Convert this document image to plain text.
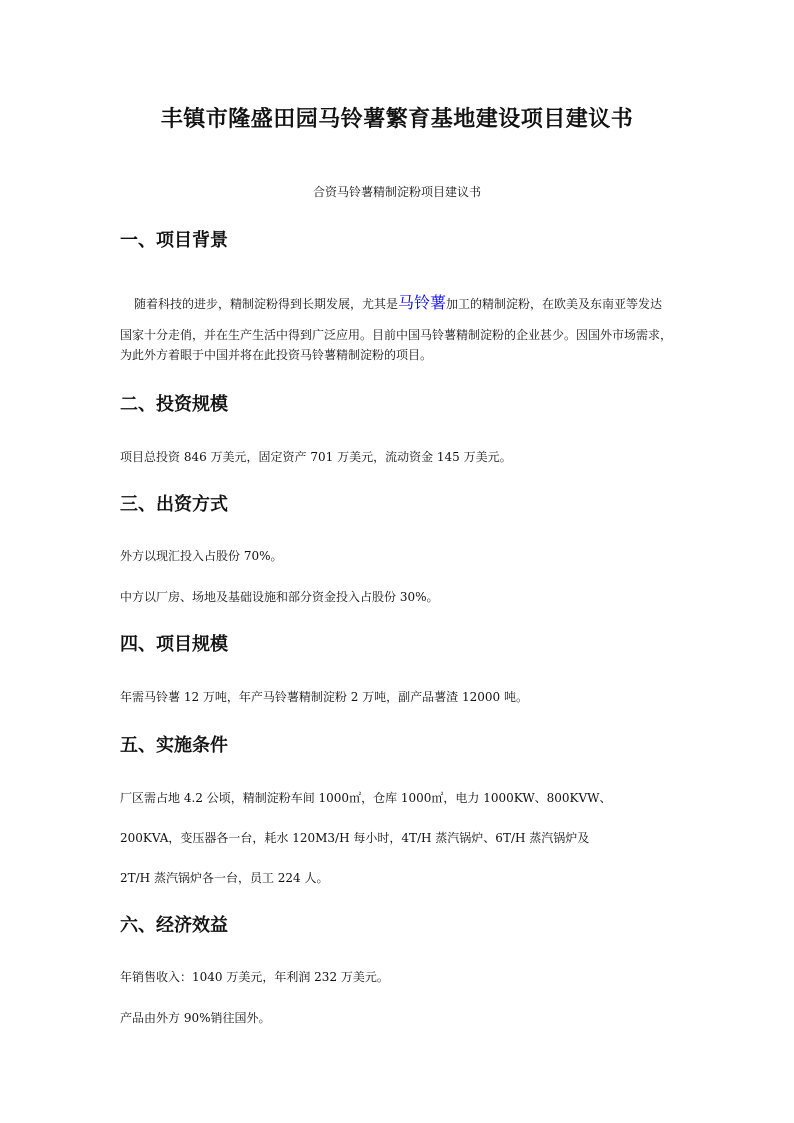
丰镇市隆盛田园马铃薯繁育基地建设项目建议书
合资马铃薯精制淀粉项目建议书
一、项目背景
随着科技的进步，精制淀粉得到长期发展，尤其是马铃薯加工的精制淀粉，在欧美及东南亚等发达
国家十分走俏，并在生产生活中得到广泛应用。目前中国马铃薯精制淀粉的企业甚少。因国外市场需求，
为此外方着眼于中国并将在此投资马铃薯精制淀粉的项目。
二、投资规模
项目总投资 846 万美元，固定资产 701 万美元，流动资金 145 万美元。
三、出资方式
外方以现汇投入占股份 70%。
中方以厂房、场地及基础设施和部分资金投入占股份 30%。
四、项目规模
年需马铃薯 12 万吨，年产马铃薯精制淀粉 2 万吨，副产品薯渣 12000 吨。
五、实施条件
厂区需占地 4.2 公顷，精制淀粉车间 1000㎡，仓库 1000㎡，电力 1000KW、800KVW、
200KVA，变压器各一台，耗水 120M3/H 每小时，4T/H 蒸汽锅炉、6T/H 蒸汽锅炉及
2T/H 蒸汽锅炉各一台，员工 224 人。
六、经济效益
年销售收入：1040 万美元，年利润 232 万美元。
产品由外方 90%销往国外。
